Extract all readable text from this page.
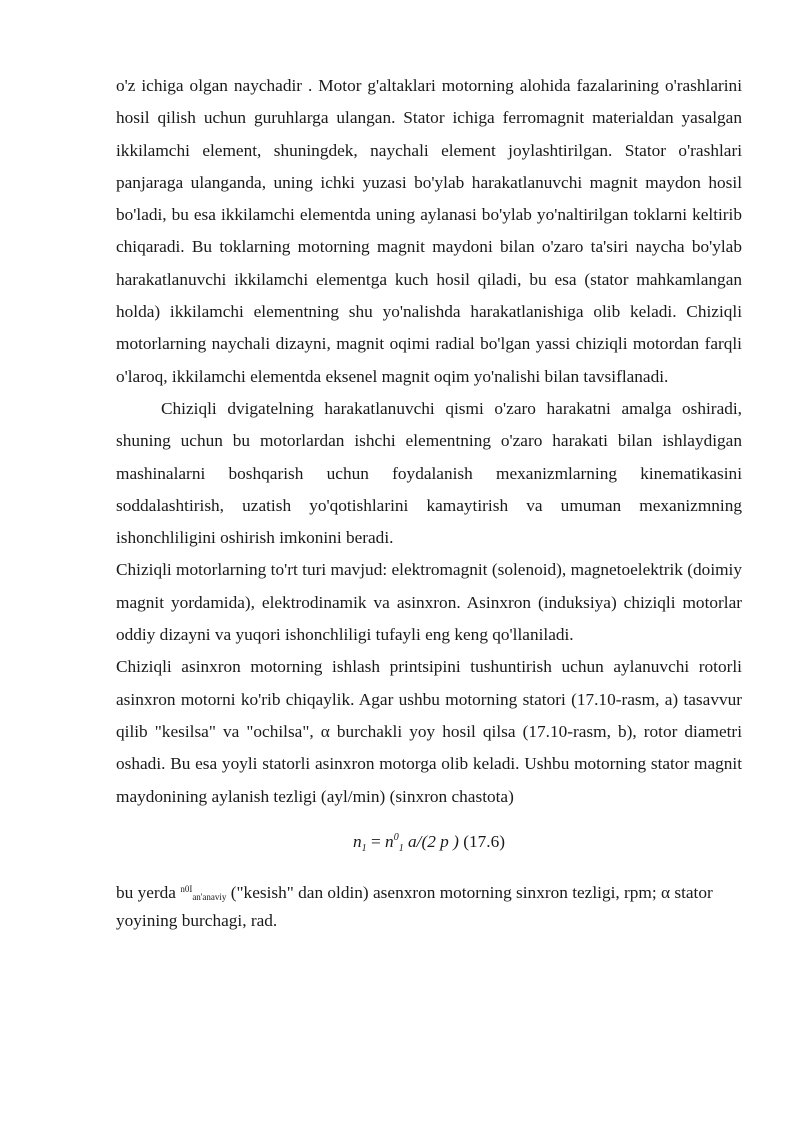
o'z ichiga olgan naychadir . Motor g'altaklari motorning alohida fazalarining o'rashlarini hosil qilish uchun guruhlarga ulangan. Stator ichiga ferromagnit materialdan yasalgan ikkilamchi element, shuningdek, naychali element joylashtirilgan. Stator o'rashlari panjaraga ulanganda, uning ichki yuzasi bo'ylab harakatlanuvchi magnit maydon hosil bo'ladi, bu esa ikkilamchi elementda uning aylanasi bo'ylab yo'naltirilgan toklarni keltirib chiqaradi. Bu toklarning motorning magnit maydoni bilan o'zaro ta'siri naycha bo'ylab harakatlanuvchi ikkilamchi elementga kuch hosil qiladi, bu esa (stator mahkamlangan holda) ikkilamchi elementning shu yo'nalishda harakatlanishiga olib keladi. Chiziqli motorlarning naychali dizayni, magnit oqimi radial bo'lgan yassi chiziqli motordan farqli o'laroq, ikkilamchi elementda eksenel magnit oqim yo'nalishi bilan tavsiflanadi.

Chiziqli dvigatelning harakatlanuvchi qismi o'zaro harakatni amalga oshiradi, shuning uchun bu motorlardan ishchi elementning o'zaro harakati bilan ishlaydigan mashinalarni boshqarish uchun foydalanish mexanizmlarning kinematikasini soddalashtirish, uzatish yo'qotishlarini kamaytirish va umuman mexanizmning ishonchliligini oshirish imkonini beradi.

Chiziqli motorlarning to'rt turi mavjud: elektromagnit (solenoid), magnetoelektrik (doimiy magnit yordamida), elektrodinamik va asinxron. Asinxron (induksiya) chiziqli motorlar oddiy dizayni va yuqori ishonchliligi tufayli eng keng qo'llaniladi.

Chiziqli asinxron motorning ishlash printsipini tushuntirish uchun aylanuvchi rotorli asinxron motorni ko'rib chiqaylik. Agar ushbu motorning statori (17.10-rasm, a) tasavvur qilib "kesilsa" va "ochilsa", α burchakli yoy hosil qilsa (17.10-rasm, b), rotor diametri oshadi. Bu esa yoyli statorli asinxron motorga olib keladi. Ushbu motorning stator magnit maydonining aylanish tezligi (ayl/min) (sinxron chastota)

$n_1 = n^0_1$ a/(2 p ) (17.6)

bu yerda $^{n0I}$an'anaviy ("kesish" dan oldin) asenxron motorning sinxron tezligi, rpm; α stator yoyining burchagi, rad.
